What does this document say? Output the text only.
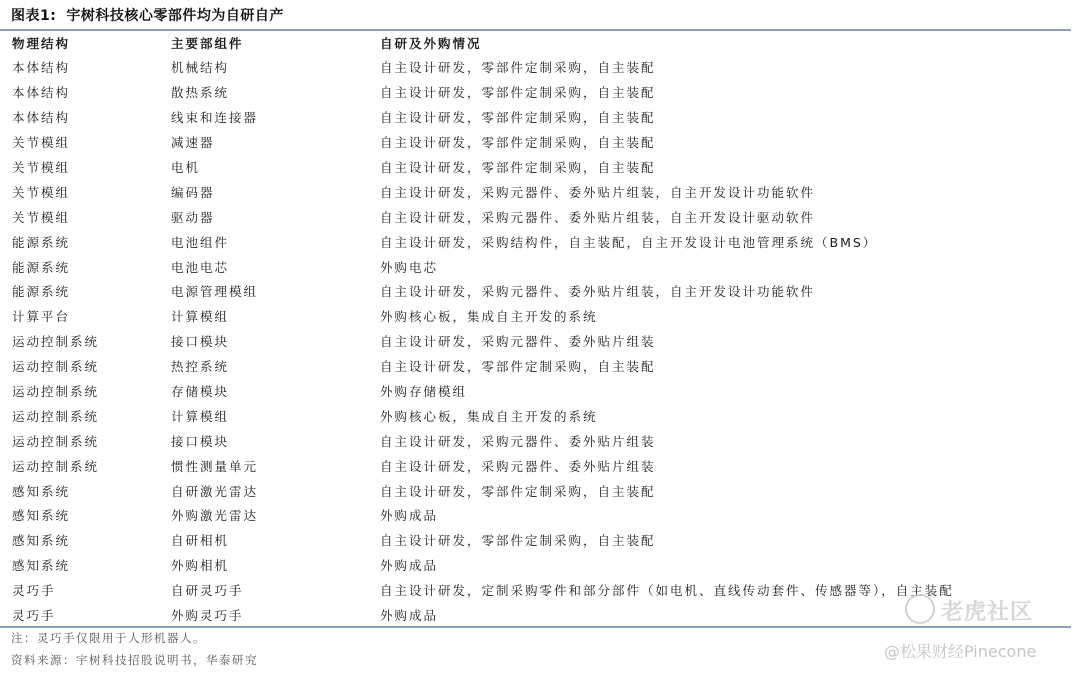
图表1: 宇树科技核心零部件均为自研自产
物理结构	主要部组件	自研及外购情况
本体结构	机械结构	自主设计研发，零部件定制采购，自主装配
本体结构	散热系统	自主设计研发，零部件定制采购，自主装配
本体结构	线束和连接器	自主设计研发，零部件定制采购，自主装配
关节模组	减速器	自主设计研发，零部件定制采购，自主装配
关节模组	电机	自主设计研发，零部件定制采购，自主装配
关节模组	编码器	自主设计研发，采购元器件、委外贴片组装，自主开发设计功能软件
关节模组	驱动器	自主设计研发，采购元器件、委外贴片组装，自主开发设计驱动软件
能源系统	电池组件	自主设计研发，采购结构件，自主装配，自主开发设计电池管理系统（BMS）
能源系统	电池电芯	外购电芯
能源系统	电源管理模组	自主设计研发，采购元器件、委外贴片组装，自主开发设计功能软件
计算平台	计算模组	外购核心板，集成自主开发的系统
运动控制系统	接口模块	自主设计研发，采购元器件、委外贴片组装
运动控制系统	热控系统	自主设计研发，零部件定制采购，自主装配
运动控制系统	存储模块	外购存储模组
运动控制系统	计算模组	外购核心板，集成自主开发的系统
运动控制系统	接口模块	自主设计研发，采购元器件、委外贴片组装
运动控制系统	惯性测量单元	自主设计研发，采购元器件、委外贴片组装
感知系统	自研激光雷达	自主设计研发，零部件定制采购，自主装配
感知系统	外购激光雷达	外购成品
感知系统	自研相机	自主设计研发，零部件定制采购，自主装配
感知系统	外购相机	外购成品
灵巧手	自研灵巧手	自主设计研发，定制采购零件和部分部件（如电机、直线传动套件、传感器等），自主装配
灵巧手	外购灵巧手	外购成品
注：灵巧手仅限用于人形机器人。
资料来源：宇树科技招股说明书，华泰研究
老虎社区
@松果财经Pinecone
